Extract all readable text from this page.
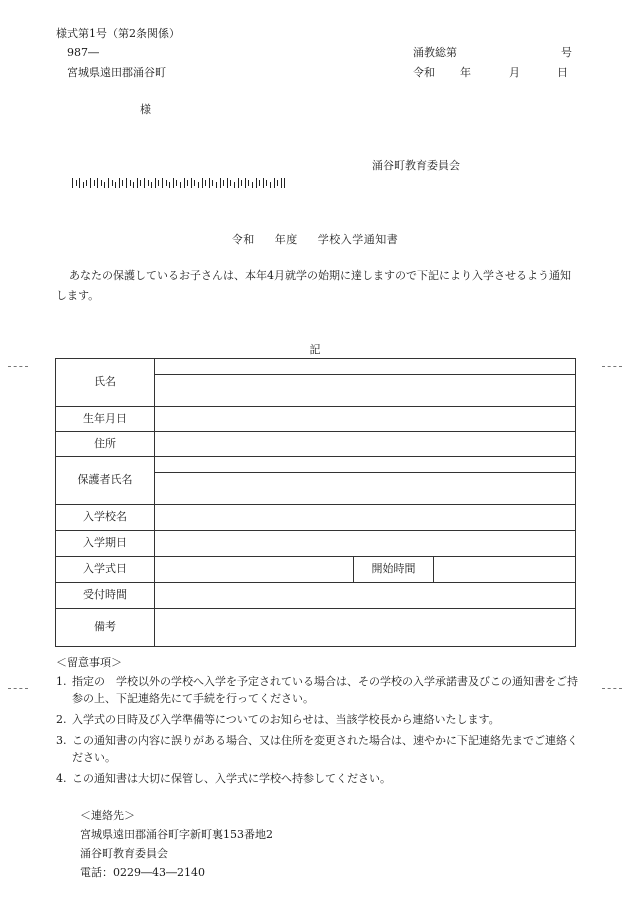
様式第1号（第2条関係）
987―
宮城県遠田郡涌谷町
涌教総第	号
令和 年	月	日
様
涌谷町教育委員会
令和 年度 学校入学通知書
あなたの保護しているお子さんは、本年4月就学の始期に達しますので下記により入学させるよう通知します。
記
氏名			

生年月日			
住所			
保護者氏名			

入学校名			
入学期日			
入学式日		開始時間	
受付時間			
備考			
＜留意事項＞
1. 指定の　学校以外の学校へ入学を予定されている場合は、その学校の入学承諾書及びこの通知書をご持参の上、下記連絡先にて手続を行ってください。
2. 入学式の日時及び入学準備等についてのお知らせは、当該学校長から連絡いたします。
3. この通知書の内容に誤りがある場合、又は住所を変更された場合は、速やかに下記連絡先までご連絡ください。
4. この通知書は大切に保管し、入学式に学校へ持参してください。
＜連絡先＞
宮城県遠田郡涌谷町字新町裏153番地2
涌谷町教育委員会
電話：0229―43―2140
